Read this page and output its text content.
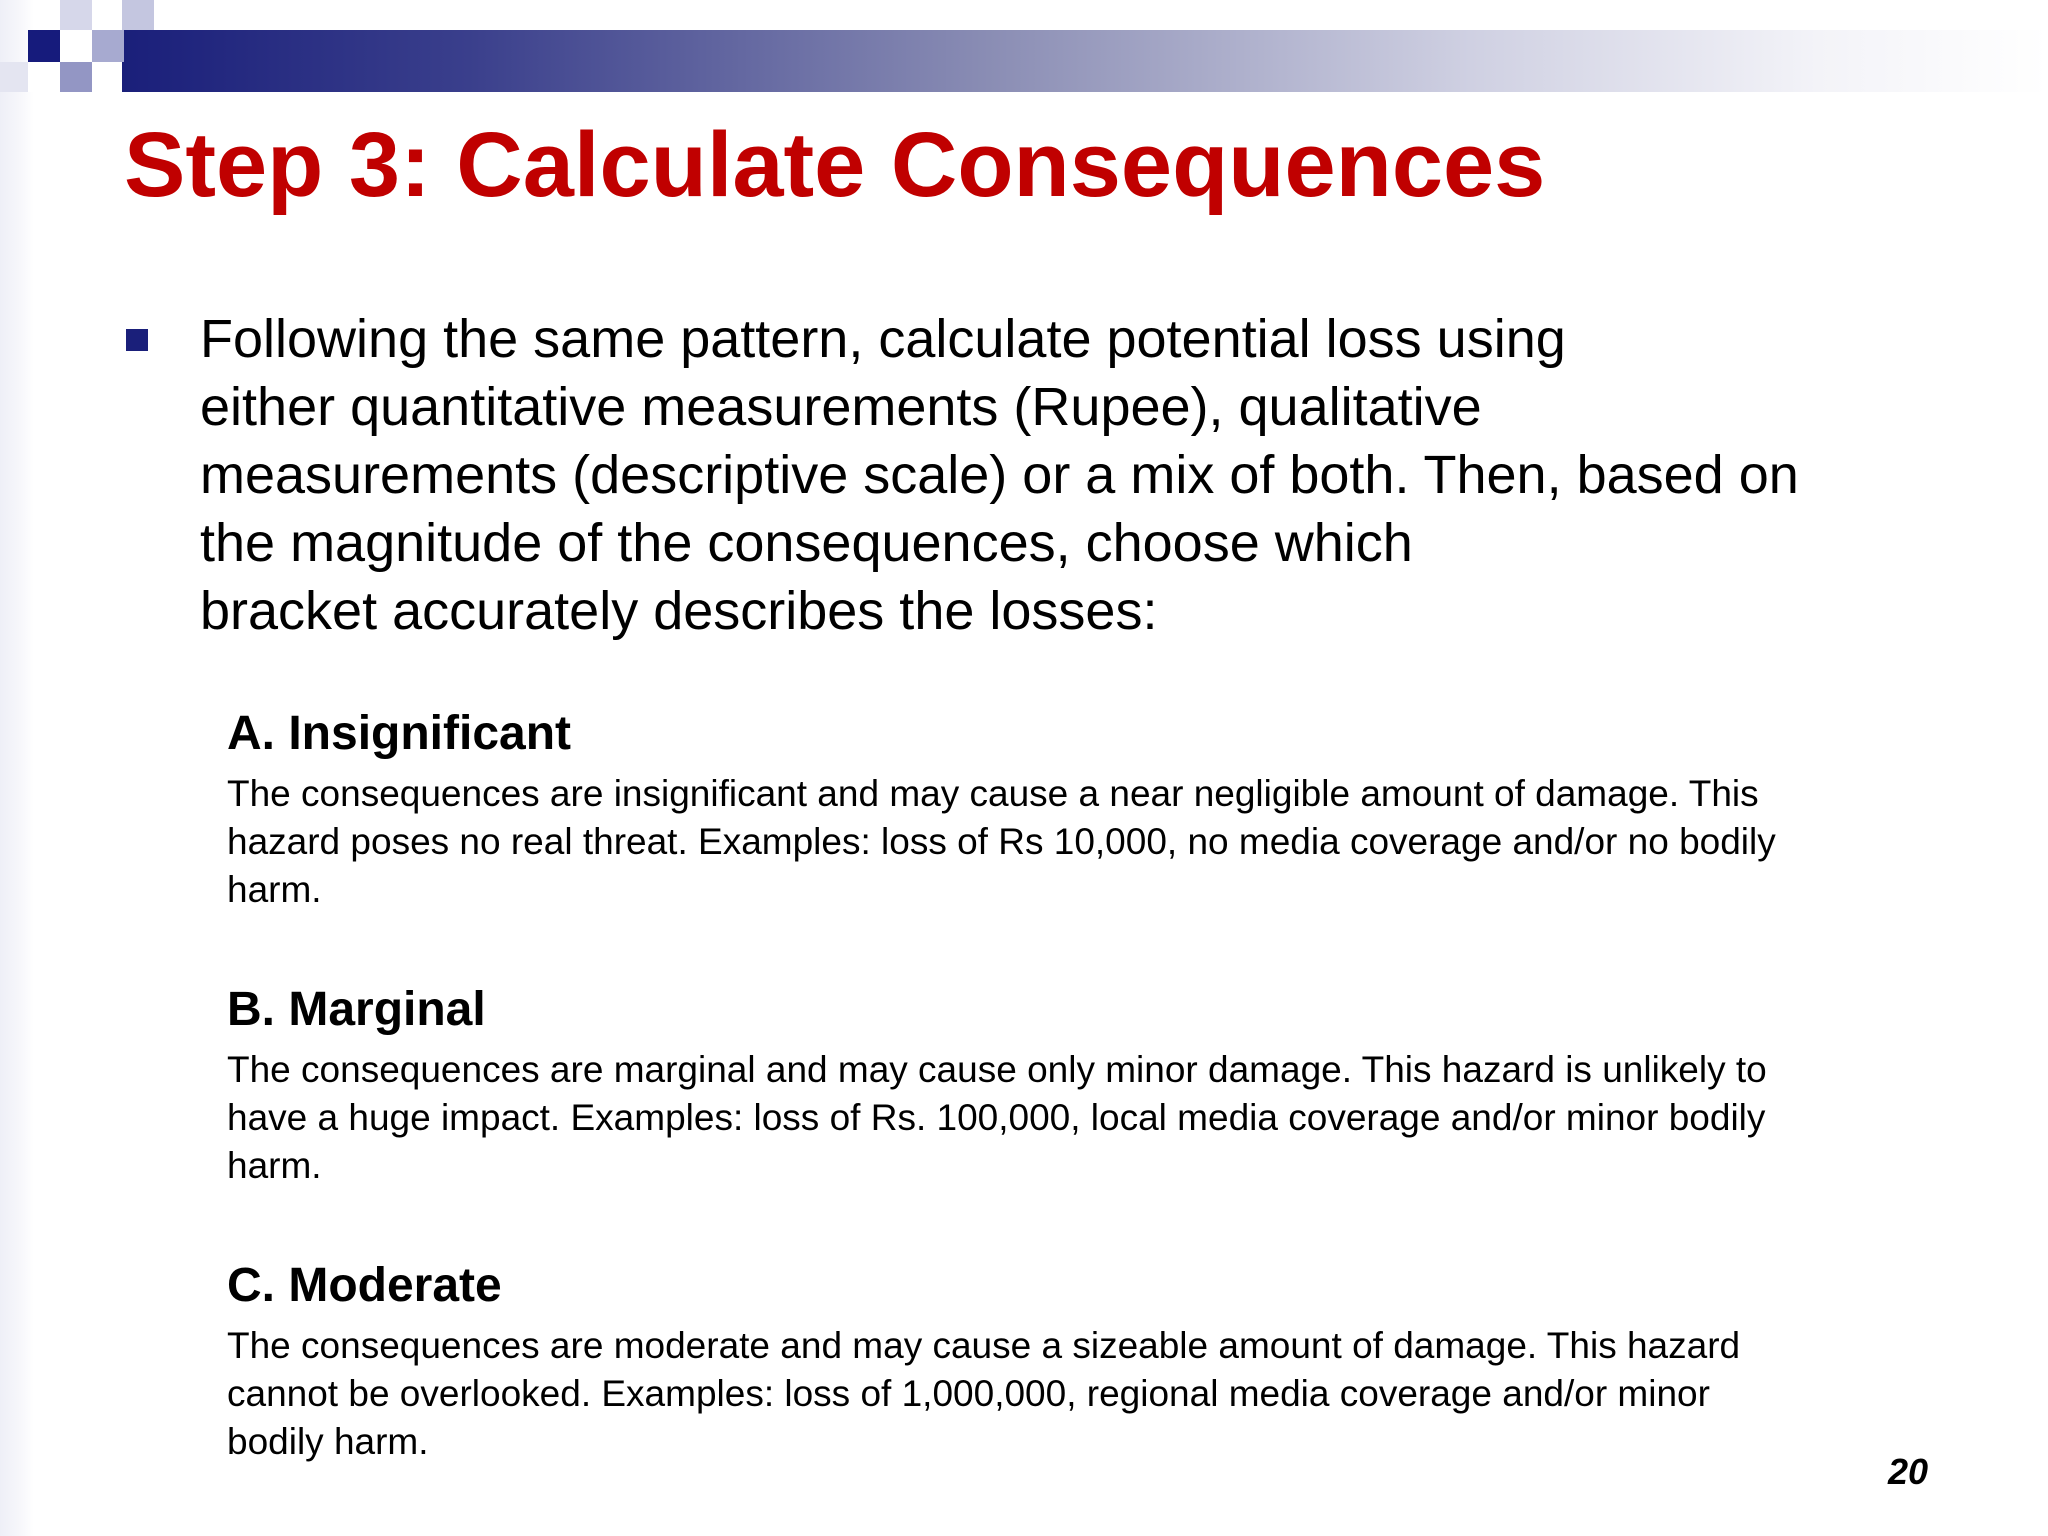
Step 3: Calculate Consequences
Following the same pattern, calculate potential loss using
either quantitative measurements (Rupee), qualitative
measurements (descriptive scale) or a mix of both. Then, based on
the magnitude of the consequences, choose which
bracket accurately describes the losses:
A. Insignificant

The consequences are insignificant and may cause a near negligible amount of damage. This
hazard poses no real threat. Examples: loss of Rs 10,000, no media coverage and/or no bodily
harm.

B. Marginal

The consequences are marginal and may cause only minor damage. This hazard is unlikely to
have a huge impact. Examples: loss of Rs. 100,000, local media coverage and/or minor bodily
harm.

C. Moderate

The consequences are moderate and may cause a sizeable amount of damage. This hazard
cannot be overlooked. Examples: loss of 1,000,000, regional media coverage and/or minor
bodily harm.

20
